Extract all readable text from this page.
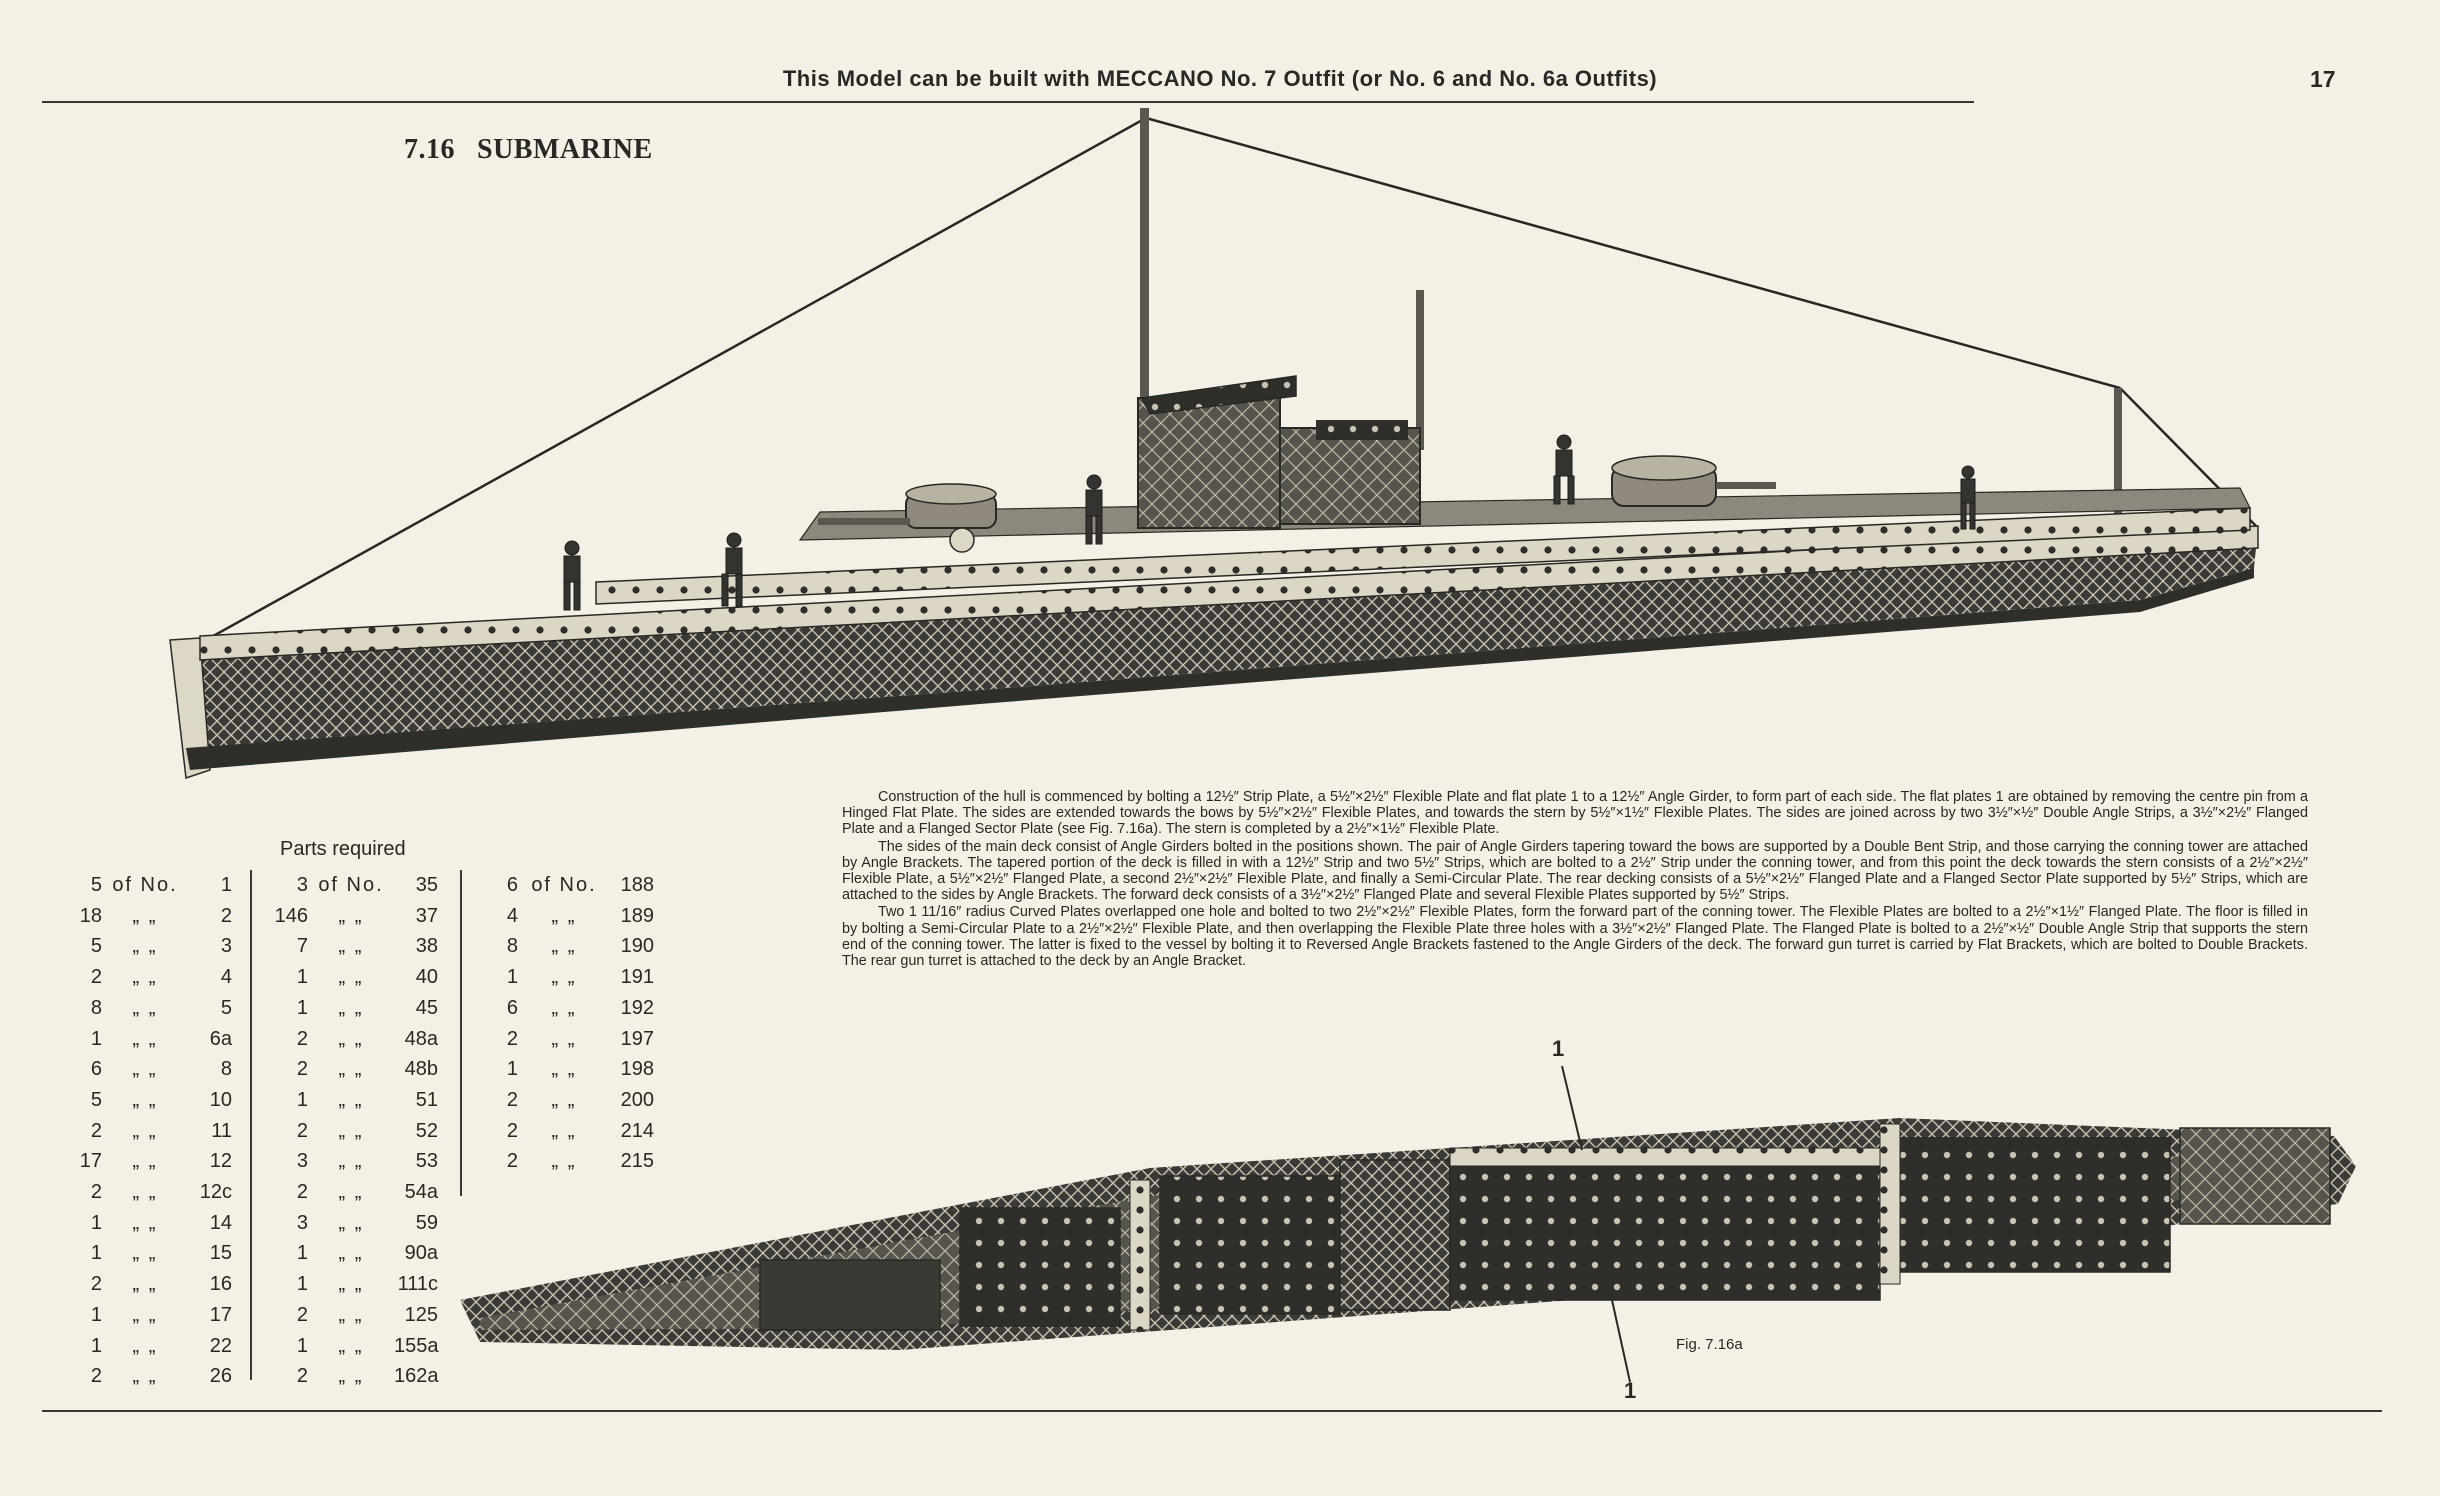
This Model can be built with MECCANO No. 7 Outfit (or No. 6 and No. 6a Outfits)	17
7.16 SUBMARINE
Parts required
5 of No.	1
18	„ „	2
5	„ „	3
2	„ „	4
8	„ „	5
1	„ „	6a
6	„ „	8
5	„ „	10
2	„ „	11
17	„ „	12
2	„ „	12c
1	„ „	14
1	„ „	15
2	„ „	16
1	„ „	17
1	„ „	22
2	„ „	26
3 of No.	35
146	„ „	37
7	„ „	38
1	„ „	40
1	„ „	45
2	„ „	48a
2	„ „	48b
1	„ „	51
2	„ „	52
3	„ „	53
2	„ „	54a
3	„ „	59
1	„ „	90a
1	„ „	111c
2	„ „	125
1	„ „	155a
2	„ „	162a
6 of No.	188
4	„ „	189
8	„ „	190
1	„ „	191
6	„ „	192
2	„ „	197
1	„ „	198
2	„ „	200
2	„ „	214
2	„ „	215

Construction of the hull is commenced by bolting a 12½″ Strip Plate, a 5½″×2½″ Flexible Plate and flat plate 1 to a 12½″ Angle Girder, to form part of each side. The flat plates 1 are obtained by removing the centre pin from a Hinged Flat Plate. The sides are extended towards the bows by 5½″×2½″ Flexible Plates, and towards the stern by 5½″×1½″ Flexible Plates. The sides are joined across by two 3½″×½″ Double Angle Strips, a 3½″×2½″ Flanged Plate and a Flanged Sector Plate (see Fig. 7.16a). The stern is completed by a 2½″×1½″ Flexible Plate.

The sides of the main deck consist of Angle Girders bolted in the positions shown. The pair of Angle Girders tapering toward the bows are supported by a Double Bent Strip, and those carrying the conning tower are attached by Angle Brackets. The tapered portion of the deck is filled in with a 12½″ Strip and two 5½″ Strips, which are bolted to a 2½″ Strip under the conning tower, and from this point the deck towards the stern consists of a 2½″×2½″ Flexible Plate, a 5½″×2½″ Flanged Plate, a second 2½″×2½″ Flexible Plate, and finally a Semi-Circular Plate. The rear decking consists of a 5½″×2½″ Flanged Plate and a Flanged Sector Plate supported by 5½″ Strips, which are attached to the sides by Angle Brackets. The forward deck consists of a 3½″×2½″ Flanged Plate and several Flexible Plates supported by 5½″ Strips.

Two 1 11/16″ radius Curved Plates overlapped one hole and bolted to two 2½″×2½″ Flexible Plates, form the forward part of the conning tower. The Flexible Plates are bolted to a 2½″×1½″ Flanged Plate. The floor is filled in by bolting a Semi-Circular Plate to a 2½″×2½″ Flexible Plate, and then overlapping the Flexible Plate three holes with a 3½″×2½″ Flanged Plate. The Flanged Plate is bolted to a 2½″×½″ Double Angle Strip that supports the stern end of the conning tower. The latter is fixed to the vessel by bolting it to Reversed Angle Brackets fastened to the Angle Girders of the deck. The forward gun turret is carried by Flat Brackets, which are bolted to Double Brackets. The rear gun turret is attached to the deck by an Angle Bracket.

1
1
Fig. 7.16a
